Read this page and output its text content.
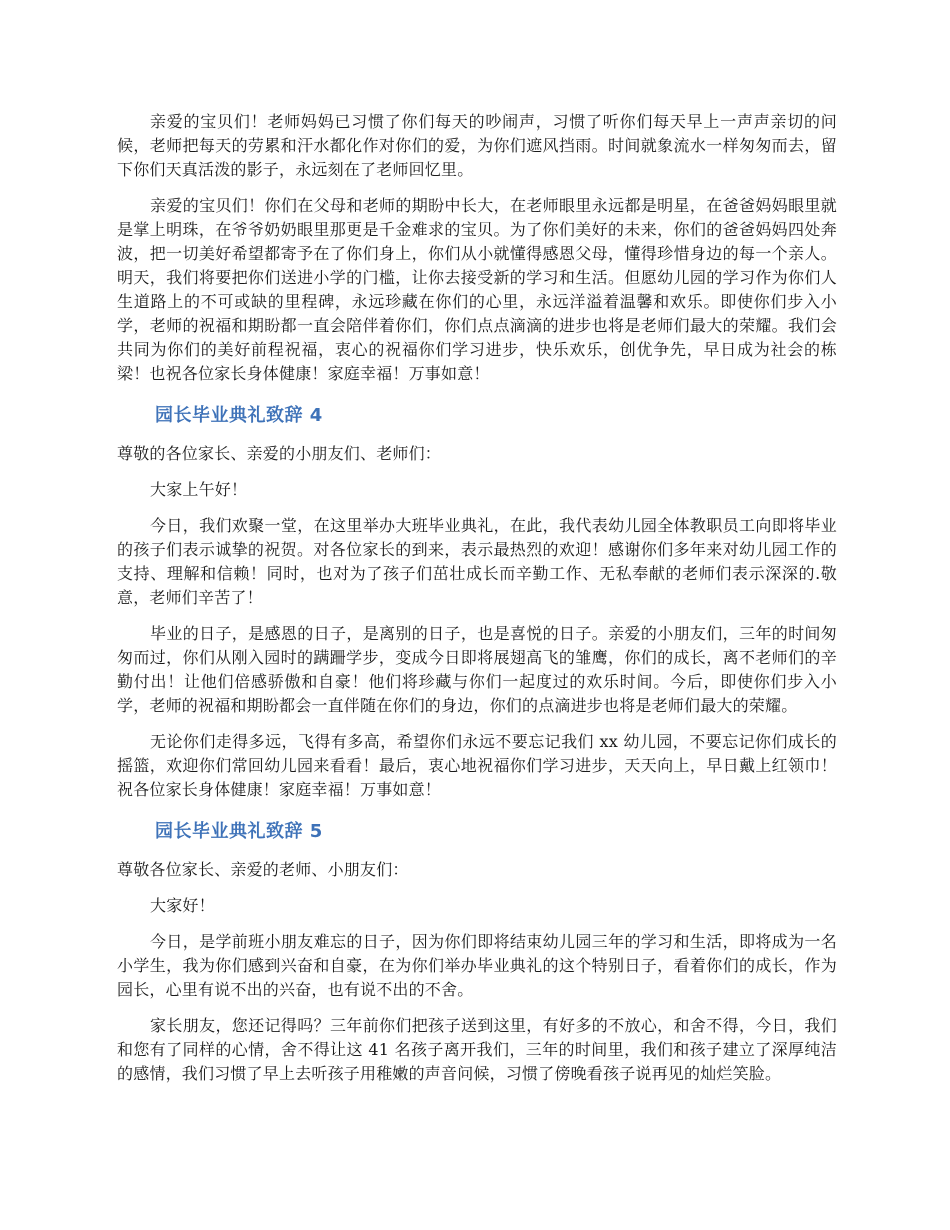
亲爱的宝贝们！老师妈妈已习惯了你们每天的吵闹声，习惯了听你们每天早上一声声亲切的问候，老师把每天的劳累和汗水都化作对你们的爱，为你们遮风挡雨。时间就象流水一样匆匆而去，留下你们天真活泼的影子，永远刻在了老师回忆里。

亲爱的宝贝们！你们在父母和老师的期盼中长大，在老师眼里永远都是明星，在爸爸妈妈眼里就是掌上明珠，在爷爷奶奶眼里那更是千金难求的宝贝。为了你们美好的未来，你们的爸爸妈妈四处奔波，把一切美好希望都寄予在了你们身上，你们从小就懂得感恩父母，懂得珍惜身边的每一个亲人。明天，我们将要把你们送进小学的门槛，让你去接受新的学习和生活。但愿幼儿园的学习作为你们人生道路上的不可或缺的里程碑，永远珍藏在你们的心里，永远洋溢着温馨和欢乐。即使你们步入小学，老师的祝福和期盼都一直会陪伴着你们，你们点点滴滴的进步也将是老师们最大的荣耀。我们会共同为你们的美好前程祝福，衷心的祝福你们学习进步，快乐欢乐，创优争先，早日成为社会的栋梁！也祝各位家长身体健康！家庭幸福！万事如意！

园长毕业典礼致辞 4

尊敬的各位家长、亲爱的小朋友们、老师们：

大家上午好！

今日，我们欢聚一堂，在这里举办大班毕业典礼，在此，我代表幼儿园全体教职员工向即将毕业的孩子们表示诚挚的祝贺。对各位家长的到来，表示最热烈的欢迎！感谢你们多年来对幼儿园工作的支持、理解和信赖！同时，也对为了孩子们茁壮成长而辛勤工作、无私奉献的老师们表示深深的.敬意，老师们辛苦了！

毕业的日子，是感恩的日子，是离别的日子，也是喜悦的日子。亲爱的小朋友们，三年的时间匆匆而过，你们从刚入园时的蹒跚学步，变成今日即将展翅高飞的雏鹰，你们的成长，离不老师们的辛勤付出！让他们倍感骄傲和自豪！他们将珍藏与你们一起度过的欢乐时间。今后，即使你们步入小学，老师的祝福和期盼都会一直伴随在你们的身边，你们的点滴进步也将是老师们最大的荣耀。

无论你们走得多远，飞得有多高，希望你们永远不要忘记我们 xx 幼儿园，不要忘记你们成长的摇篮，欢迎你们常回幼儿园来看看！最后，衷心地祝福你们学习进步，天天向上，早日戴上红领巾！祝各位家长身体健康！家庭幸福！万事如意！

园长毕业典礼致辞 5

尊敬各位家长、亲爱的老师、小朋友们：

大家好！

今日，是学前班小朋友难忘的日子，因为你们即将结束幼儿园三年的学习和生活，即将成为一名小学生，我为你们感到兴奋和自豪，在为你们举办毕业典礼的这个特别日子，看着你们的成长，作为园长，心里有说不出的兴奋，也有说不出的不舍。

家长朋友，您还记得吗？三年前你们把孩子送到这里，有好多的不放心，和舍不得，今日，我们和您有了同样的心情，舍不得让这 41 名孩子离开我们，三年的时间里，我们和孩子建立了深厚纯洁的感情，我们习惯了早上去听孩子用稚嫩的声音问候，习惯了傍晚看孩子说再见的灿烂笑脸。
